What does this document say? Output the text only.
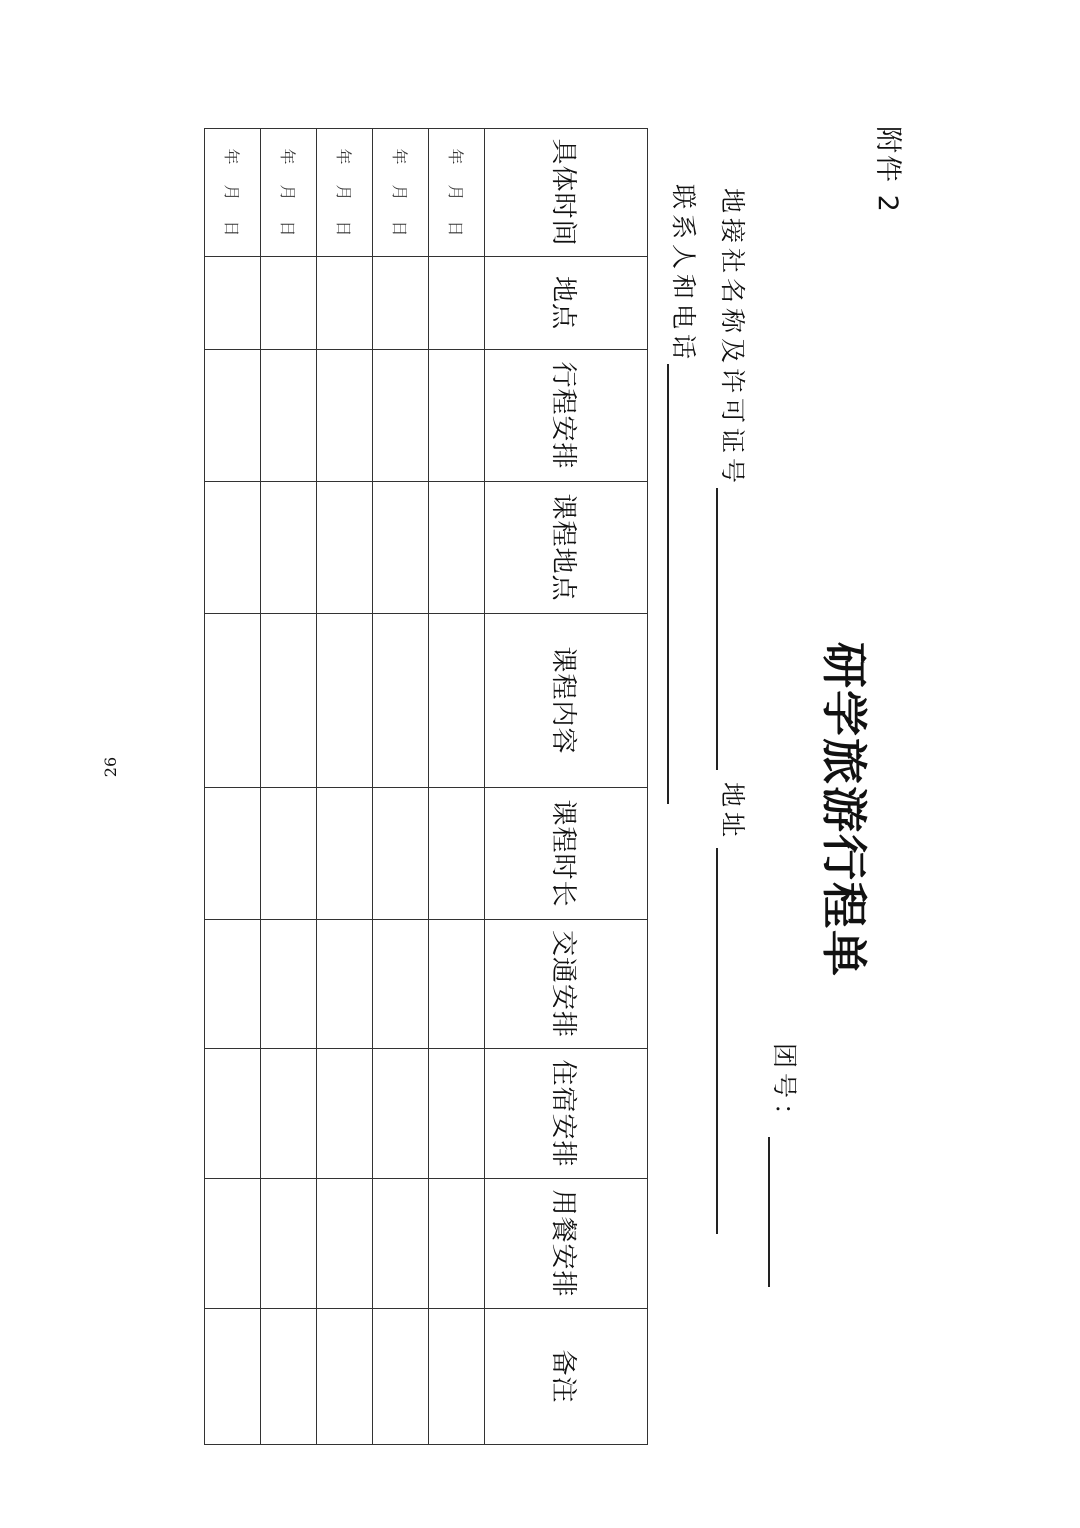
附件 2
研学旅游行程单
团号：
地接社名称及许可证号地址
联系人和电话
具体时间	地点	行程安排	课程地点	课程内容	课程时长	交通安排	住宿安排	用餐安排	备注
年月日									
年月日									
年月日									
年月日									
年月日									
26
